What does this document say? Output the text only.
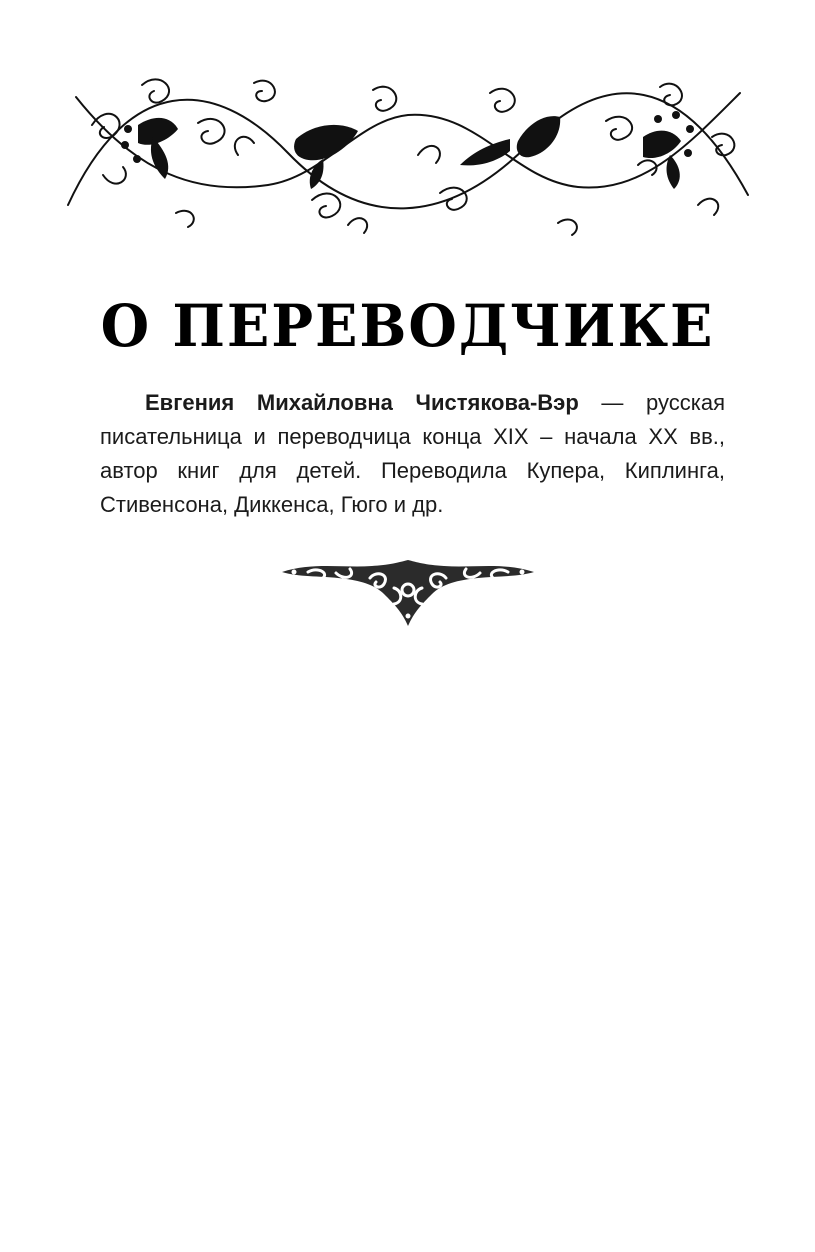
О ПЕРЕВОДЧИКЕ
Евгения Михайловна Чистякова-Вэр — русская писательница и переводчица конца XIX – начала XX вв., автор книг для детей. Переводила Купера, Киплинга, Стивенсона, Диккенса, Гюго и др.
